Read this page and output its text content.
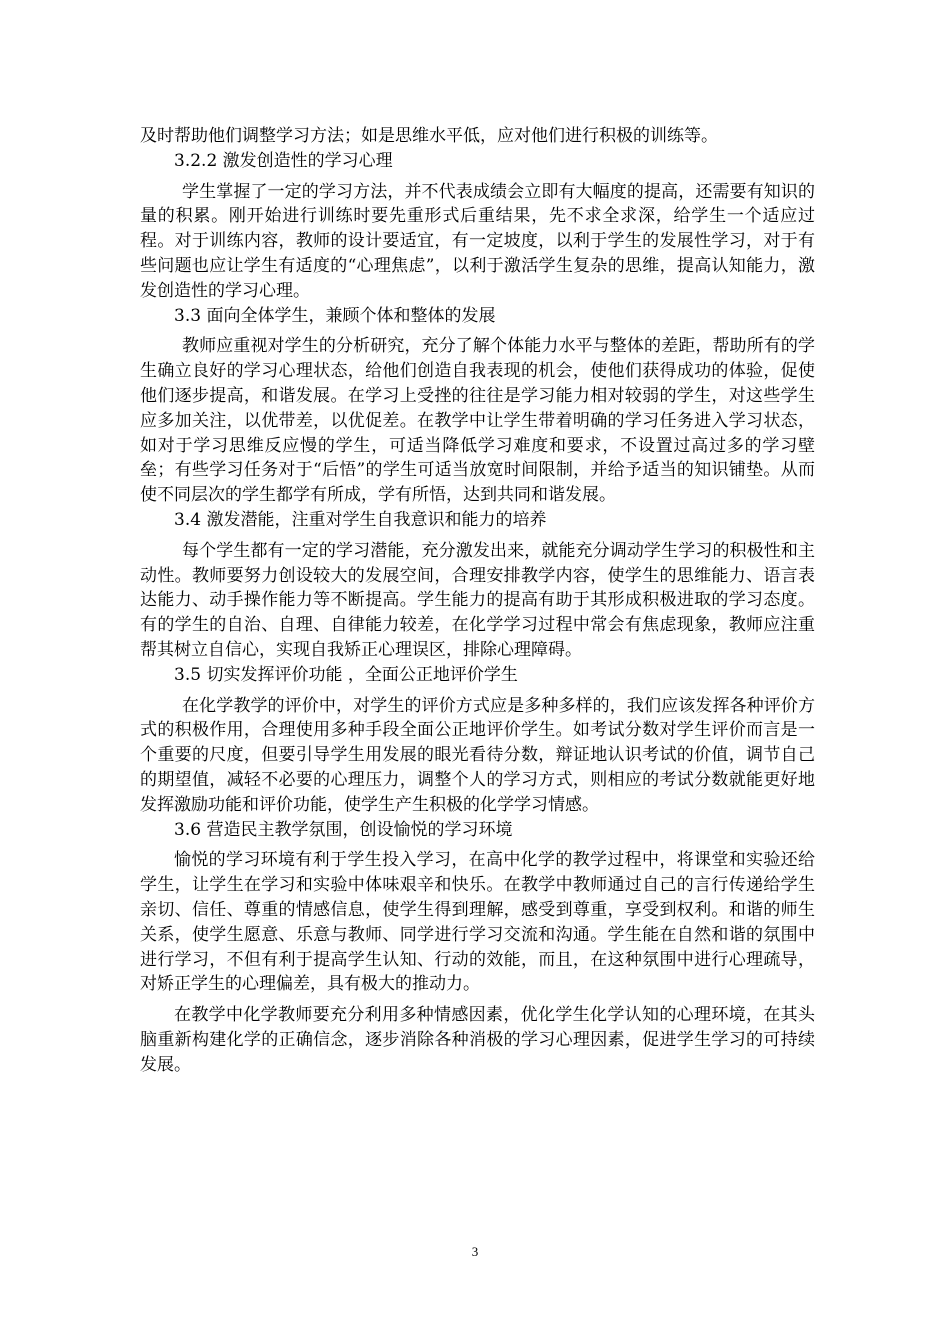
及时帮助他们调整学习方法；如是思维水平低，应对他们进行积极的训练等。

3.2.2 激发创造性的学习心理

学生掌握了一定的学习方法，并不代表成绩会立即有大幅度的提高，还需要有知识的量的积累。刚开始进行训练时要先重形式后重结果，先不求全求深，给学生一个适应过程。对于训练内容，教师的设计要适宜，有一定坡度，以利于学生的发展性学习，对于有些问题也应让学生有适度的“心理焦虑”，以利于激活学生复杂的思维，提高认知能力，激发创造性的学习心理。

3.3 面向全体学生，兼顾个体和整体的发展

教师应重视对学生的分析研究，充分了解个体能力水平与整体的差距，帮助所有的学生确立良好的学习心理状态，给他们创造自我表现的机会，使他们获得成功的体验，促使他们逐步提高，和谐发展。在学习上受挫的往往是学习能力相对较弱的学生，对这些学生应多加关注，以优带差，以优促差。在教学中让学生带着明确的学习任务进入学习状态，如对于学习思维反应慢的学生，可适当降低学习难度和要求，不设置过高过多的学习壁垒；有些学习任务对于“后悟”的学生可适当放宽时间限制，并给予适当的知识铺垫。从而使不同层次的学生都学有所成，学有所悟，达到共同和谐发展。

3.4 激发潜能，注重对学生自我意识和能力的培养

每个学生都有一定的学习潜能，充分激发出来，就能充分调动学生学习的积极性和主动性。教师要努力创设较大的发展空间，合理安排教学内容，使学生的思维能力、语言表达能力、动手操作能力等不断提高。学生能力的提高有助于其形成积极进取的学习态度。有的学生的自治、自理、自律能力较差，在化学学习过程中常会有焦虑现象，教师应注重帮其树立自信心，实现自我矫正心理误区，排除心理障碍。

3.5 切实发挥评价功能 ，全面公正地评价学生

在化学教学的评价中，对学生的评价方式应是多种多样的，我们应该发挥各种评价方式的积极作用，合理使用多种手段全面公正地评价学生。如考试分数对学生评价而言是一个重要的尺度，但要引导学生用发展的眼光看待分数，辩证地认识考试的价值，调节自己的期望值，减轻不必要的心理压力，调整个人的学习方式，则相应的考试分数就能更好地发挥激励功能和评价功能，使学生产生积极的化学学习情感。

3.6 营造民主教学氛围，创设愉悦的学习环境

愉悦的学习环境有利于学生投入学习，在高中化学的教学过程中，将课堂和实验还给学生，让学生在学习和实验中体味艰辛和快乐。在教学中教师通过自己的言行传递给学生亲切、信任、尊重的情感信息，使学生得到理解，感受到尊重，享受到权利。和谐的师生关系，使学生愿意、乐意与教师、同学进行学习交流和沟通。学生能在自然和谐的氛围中进行学习，不但有利于提高学生认知、行动的效能，而且，在这种氛围中进行心理疏导，对矫正学生的心理偏差，具有极大的推动力。

在教学中化学教师要充分利用多种情感因素，优化学生化学认知的心理环境，在其头脑重新构建化学的正确信念，逐步消除各种消极的学习心理因素，促进学生学习的可持续发展。

3
